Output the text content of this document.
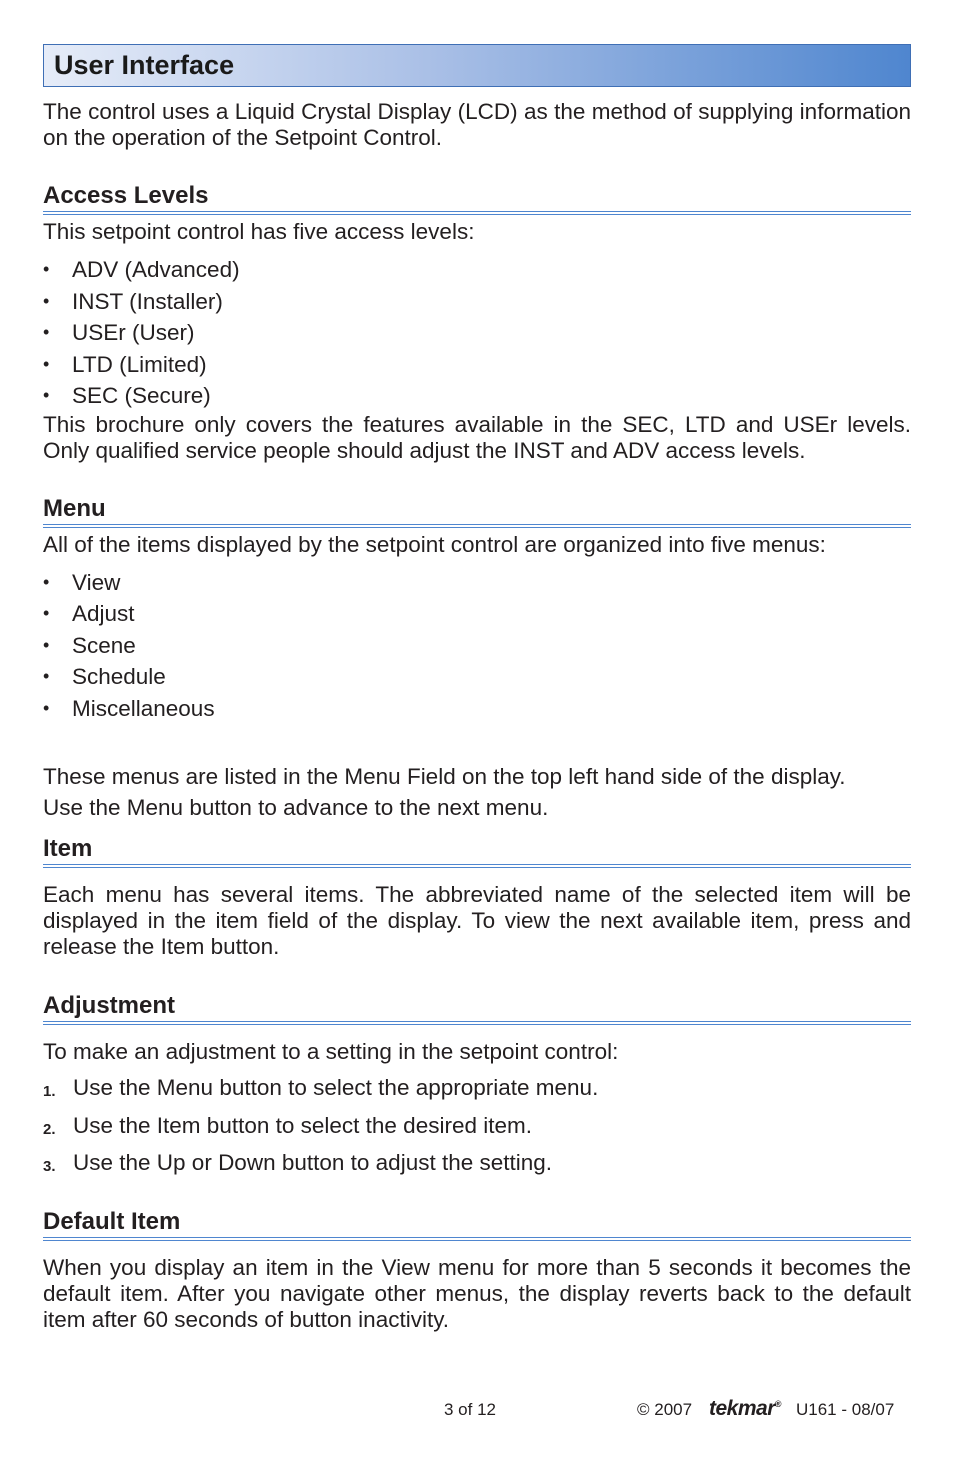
User Interface

The control uses a Liquid Crystal Display (LCD) as the method of supplying information on the operation of the Setpoint Control.

Access Levels

This setpoint control has five access levels:

• ADV (Advanced)
• INST (Installer)
• USEr (User)
• LTD (Limited)
• SEC (Secure)

This brochure only covers the features available in the SEC, LTD and USEr levels. Only qualified service people should adjust the INST and ADV access levels.

Menu

All of the items displayed by the setpoint control are organized into five menus:

• View
• Adjust
• Scene
• Schedule
• Miscellaneous

These menus are listed in the Menu Field on the top left hand side of the display.

Use the Menu button to advance to the next menu.

Item

Each menu has several items. The abbreviated name of the selected item will be displayed in the item field of the display. To view the next available item, press and release the Item button.

Adjustment

To make an adjustment to a setting in the setpoint control:

1. Use the Menu button to select the appropriate menu.
2. Use the Item button to select the desired item.
3. Use the Up or Down button to adjust the setting.
Default Item

When you display an item in the View menu for more than 5 seconds it becomes the default item. After you navigate other menus, the display reverts back to the default item after 60 seconds of button inactivity.

3 of 12	© 2007 tekmar® U161 - 08/07
